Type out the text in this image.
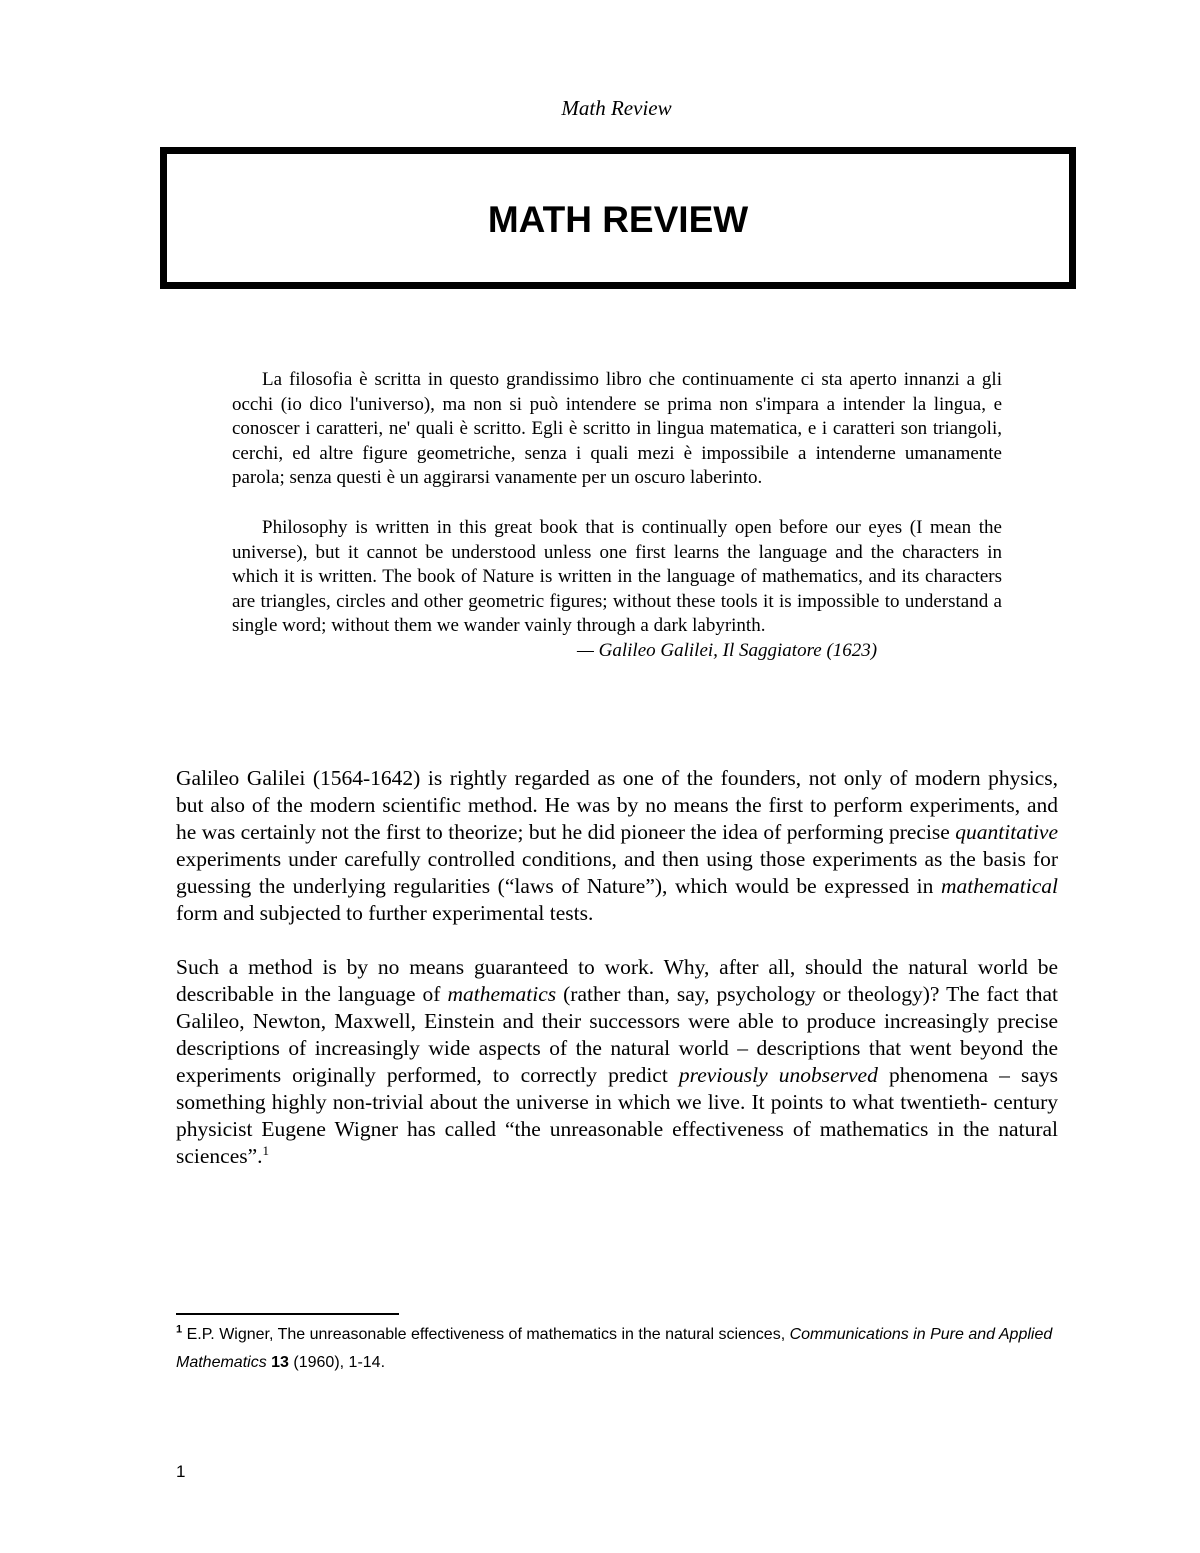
Math Review
MATH REVIEW

La filosofia è scritta in questo grandissimo libro che continuamente ci sta aperto innanzi a gli occhi (io dico l'universo), ma non si può intendere se prima non s'impara a intender la lingua, e conoscer i caratteri, ne' quali è scritto. Egli è scritto in lingua matematica, e i caratteri son triangoli, cerchi, ed altre figure geometriche, senza i quali mezi è impossibile a intenderne umanamente parola; senza questi è un aggirarsi vanamente per un oscuro laberinto.

Philosophy is written in this great book that is continually open before our eyes (I mean the universe), but it cannot be understood unless one first learns the language and the characters in which it is written. The book of Nature is written in the language of mathematics, and its characters are triangles, circles and other geometric figures; without these tools it is impossible to understand a single word; without them we wander vainly through a dark labyrinth.

— Galileo Galilei, Il Saggiatore (1623)

Galileo Galilei (1564-1642) is rightly regarded as one of the founders, not only of modern physics, but also of the modern scientific method. He was by no means the first to perform experiments, and he was certainly not the first to theorize; but he did pioneer the idea of performing precise quantitative experiments under carefully controlled conditions, and then using those experiments as the basis for guessing the underlying regularities (“laws of Nature”), which would be expressed in mathematical form and subjected to further experimental tests.

Such a method is by no means guaranteed to work. Why, after all, should the natural world be describable in the language of mathematics (rather than, say, psychology or theology)? The fact that Galileo, Newton, Maxwell, Einstein and their successors were able to produce increasingly precise descriptions of increasingly wide aspects of the natural world – descriptions that went beyond the experiments originally performed, to correctly predict previously unobserved phenomena – says something highly non-trivial about the universe in which we live. It points to what twentieth- century physicist Eugene Wigner has called “the unreasonable effectiveness of mathematics in the natural sciences”.$^1$

$^1$ E.P. Wigner, The unreasonable effectiveness of mathematics in the natural sciences, Communications in Pure and Applied Mathematics 13 (1960), 1-14.

1
